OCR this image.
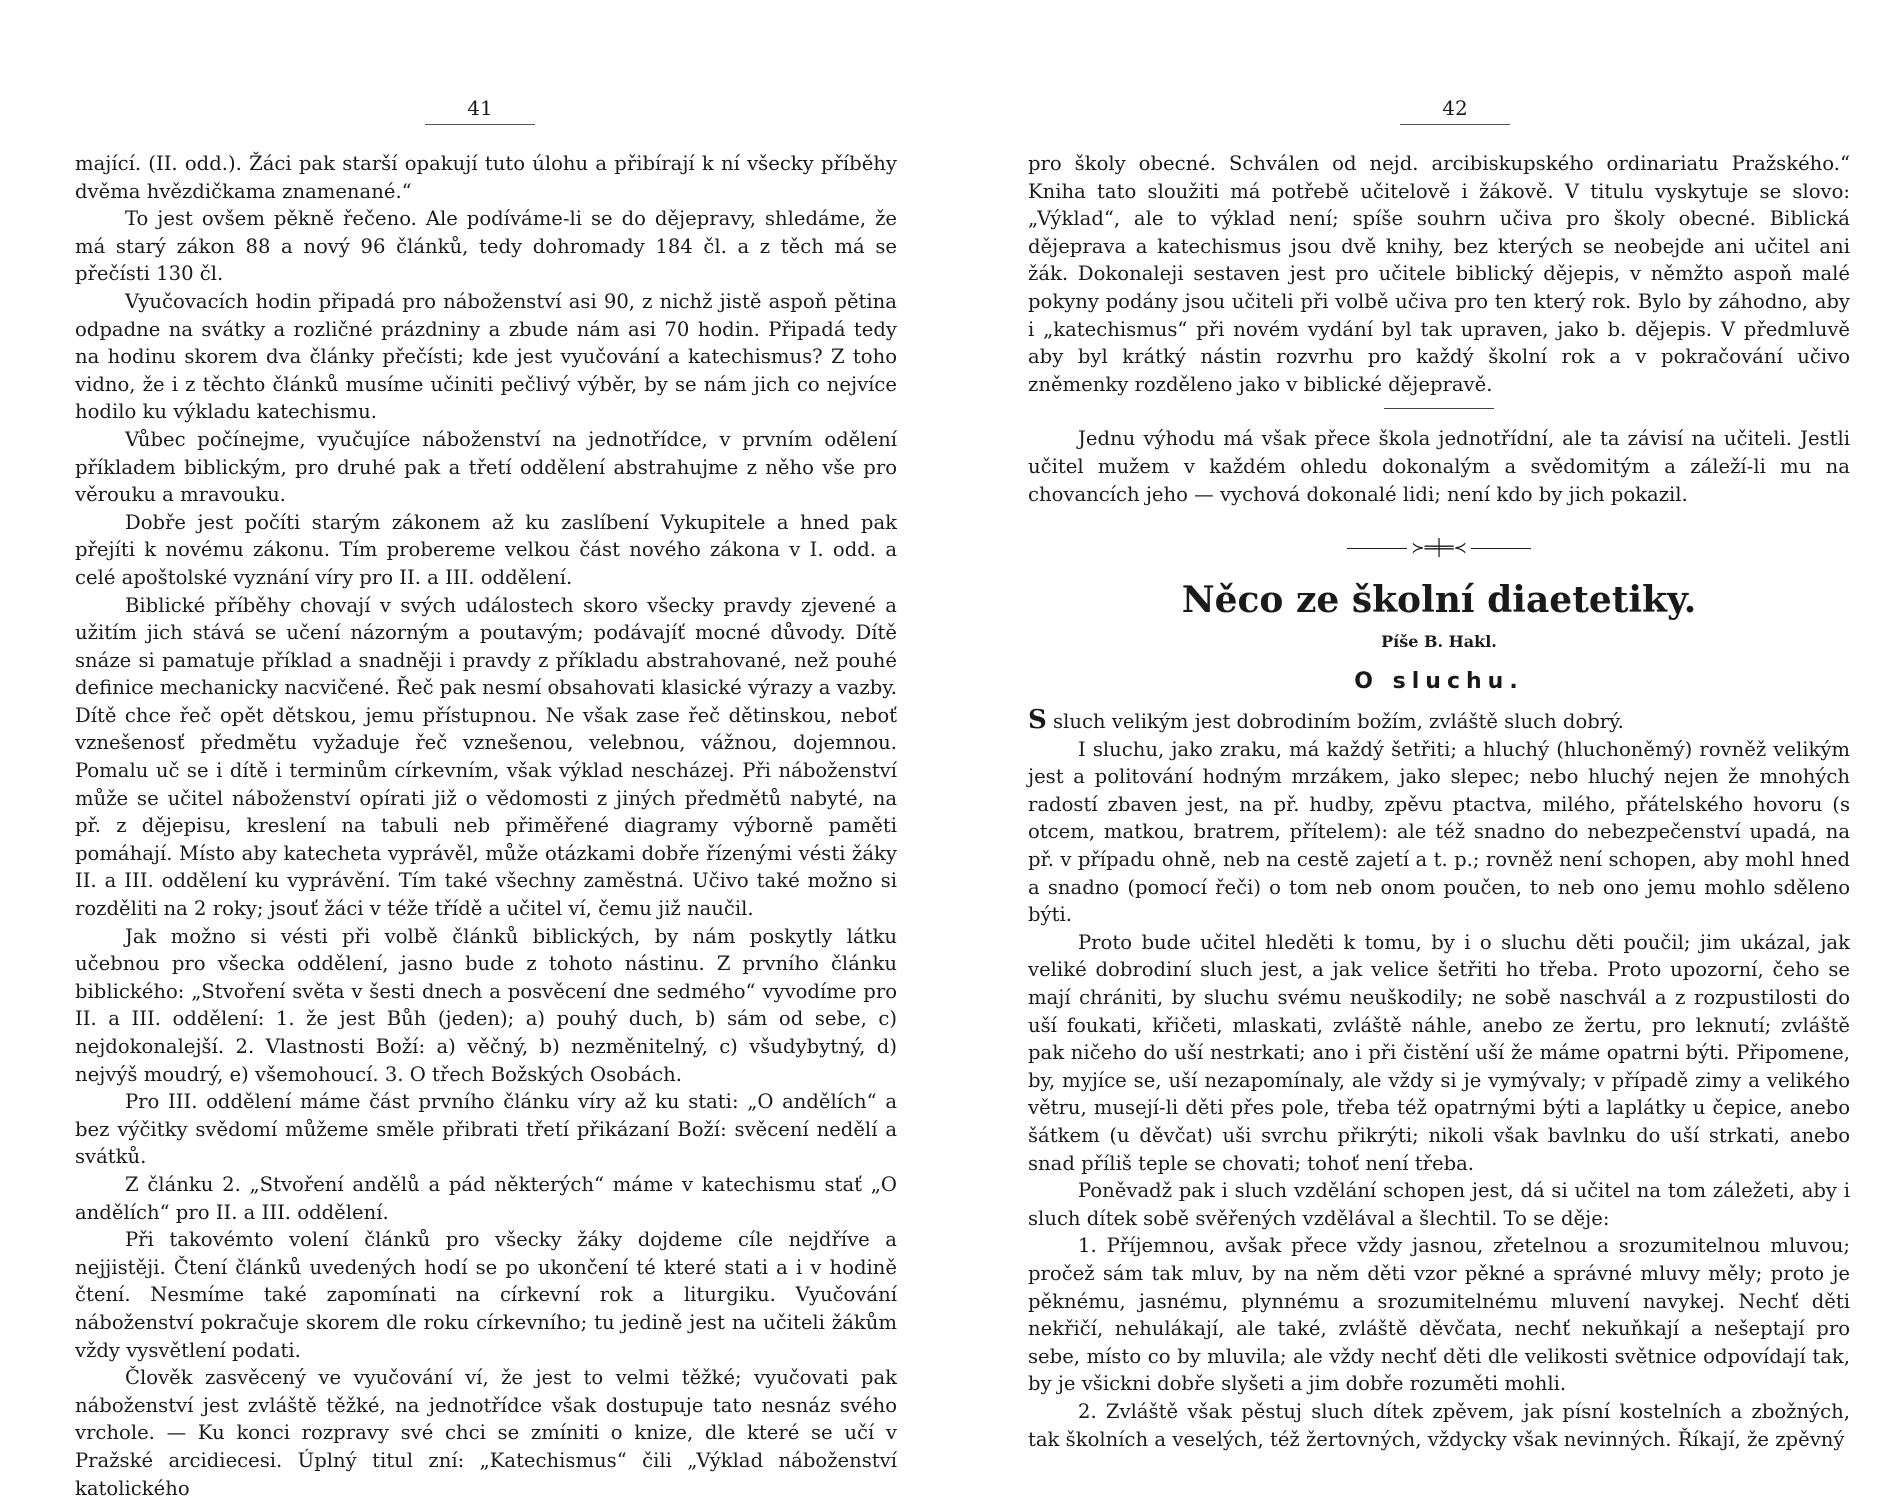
41

mající. (II. odd.). Žáci pak starší opakují tuto úlohu a přibírají k ní všecky příběhy dvěma hvězdičkama znamenané.“

To jest ovšem pěkně řečeno. Ale podíváme-li se do dějepravy, shledáme, že má starý zákon 88 a nový 96 článků, tedy dohromady 184 čl. a z těch má se přečísti 130 čl.

Vyučovacích hodin připadá pro náboženství asi 90, z nichž jistě aspoň pětina odpadne na svátky a rozličné prázdniny a zbude nám asi 70 hodin. Připadá tedy na hodinu skorem dva články přečísti; kde jest vyučování a katechismus? Z toho vidno, že i z těchto článků musíme učiniti pečlivý výběr, by se nám jich co nejvíce hodilo ku výkladu katechismu.

Vůbec počínejme, vyučujíce náboženství na jednotřídce, v prvním odělení příkladem biblickým, pro druhé pak a třetí oddělení abstrahujme z něho vše pro věrouku a mravouku.

Dobře jest počíti starým zákonem až ku zaslíbení Vykupitele a hned pak přejíti k novému zákonu. Tím probereme velkou část nového zákona v I. odd. a celé apoštolské vyznání víry pro II. a III. oddělení.

Biblické příběhy chovají v svých událostech skoro všecky pravdy zjevené a užitím jich stává se učení názorným a poutavým; podávajíť mocné důvody. Dítě snáze si pamatuje příklad a snadněji i pravdy z příkladu abstrahované, než pouhé definice mechanicky nacvičené. Řeč pak nesmí obsahovati klasické výrazy a vazby. Dítě chce řeč opět dětskou, jemu přístupnou. Ne však zase řeč dětinskou, neboť vznešenosť předmětu vyžaduje řeč vznešenou, velebnou, vážnou, dojemnou. Pomalu uč se i dítě i terminům církevním, však výklad nescházej. Při náboženství může se učitel náboženství opírati již o vědomosti z jiných předmětů nabyté, na př. z dějepisu, kreslení na tabuli neb přiměřené diagramy výborně paměti pomáhají. Místo aby katecheta vyprávěl, může otázkami dobře řízenými vésti žáky II. a III. oddělení ku vyprávění. Tím také všechny zaměstná. Učivo také možno si rozděliti na 2 roky; jsouť žáci v téže třídě a učitel ví, čemu již naučil.

Jak možno si vésti při volbě článků biblických, by nám poskytly látku učebnou pro všecka oddělení, jasno bude z tohoto nástinu. Z prvního článku biblického: „Stvoření světa v šesti dnech a posvěcení dne sedmého“ vyvodíme pro II. a III. oddělení: 1. že jest Bůh (jeden); a) pouhý duch, b) sám od sebe, c) nejdokonalejší. 2. Vlastnosti Boží: a) věčný, b) nezměnitelný, c) všudybytný, d) nejvýš moudrý, e) všemohoucí. 3. O třech Božských Osobách.

Pro III. oddělení máme část prvního článku víry až ku stati: „O andělích“ a bez výčitky svědomí můžeme směle přibrati třetí přikázaní Boží: svěcení nedělí a svátků.

Z článku 2. „Stvoření andělů a pád některých“ máme v katechismu stať „O andělích“ pro II. a III. oddělení.

Při takovémto volení článků pro všecky žáky dojdeme cíle nejdříve a nejjistěji. Čtení článků uvedených hodí se po ukončení té které stati a i v hodině čtení. Nesmíme také zapomínati na církevní rok a liturgiku. Vyučování náboženství pokračuje skorem dle roku církevního; tu jedině jest na učiteli žákům vždy vysvětlení podati.

Člověk zasvěcený ve vyučování ví, že jest to velmi těžké; vyučovati pak náboženství jest zvláště těžké, na jednotřídce však dostupuje tato nesnáz svého vrchole. — Ku konci rozpravy své chci se zmíniti o knize, dle které se učí v Pražské arcidiecesi. Úplný titul zní: „Katechismus“ čili „Výklad náboženství katolického

42

pro školy obecné. Schválen od nejd. arcibiskupského ordinariatu Pražského.“ Kniha tato sloužiti má potřebě učitelově i žákově. V titulu vyskytuje se slovo: „Výklad“, ale to výklad není; spíše souhrn učiva pro školy obecné. Biblická dějeprava a katechismus jsou dvě knihy, bez kterých se neobejde ani učitel ani žák. Dokonaleji sestaven jest pro učitele biblický dějepis, v němžto aspoň malé pokyny podány jsou učiteli při volbě učiva pro ten který rok. Bylo by záhodno, aby i „katechismus“ při novém vydání byl tak upraven, jako b. dějepis. V předmluvě aby byl krátký nástin rozvrhu pro každý školní rok a v pokračování učivo zněmenky rozděleno jako v biblické dějepravě.

Jednu výhodu má však přece škola jednotřídní, ale ta závisí na učiteli. Jestli učitel mužem v každém ohledu dokonalým a svědomitým a záleží-li mu na chovancích jeho — vychová dokonalé lidi; není kdo by jich pokazil.

≻═╪═≺
Něco ze školní diaetetiky.
Píše B. Hakl.
O sluchu.

S sluch velikým jest dobrodiním božím, zvláště sluch dobrý.

I sluchu, jako zraku, má každý šetřiti; a hluchý (hluchoněmý) rovněž velikým jest a politování hodným mrzákem, jako slepec; nebo hluchý nejen že mnohých radostí zbaven jest, na př. hudby, zpěvu ptactva, milého, přátelského hovoru (s otcem, matkou, bratrem, přítelem): ale též snadno do nebezpečenství upadá, na př. v případu ohně, neb na cestě zajetí a t. p.; rovněž není schopen, aby mohl hned a snadno (pomocí řeči) o tom neb onom poučen, to neb ono jemu mohlo sděleno býti.

Proto bude učitel hleděti k tomu, by i o sluchu děti poučil; jim ukázal, jak veliké dobrodiní sluch jest, a jak velice šetřiti ho třeba. Proto upozorní, čeho se mají chrániti, by sluchu svému neuškodily; ne sobě naschvál a z rozpustilosti do uší foukati, křičeti, mlaskati, zvláště náhle, anebo ze žertu, pro leknutí; zvláště pak ničeho do uší nestrkati; ano i při čistění uší že máme opatrni býti. Připomene, by, myjíce se, uší nezapomínaly, ale vždy si je vymývaly; v případě zimy a velikého větru, musejí-li děti přes pole, třeba též opatrnými býti a laplátky u čepice, anebo šátkem (u děvčat) uši svrchu přikrýti; nikoli však bavlnku do uší strkati, anebo snad příliš teple se chovati; tohoť není třeba.

Poněvadž pak i sluch vzdělání schopen jest, dá si učitel na tom záležeti, aby i sluch dítek sobě svěřených vzdělával a šlechtil. To se děje:

1. Příjemnou, avšak přece vždy jasnou, zřetelnou a srozumitelnou mluvou; pročež sám tak mluv, by na něm děti vzor pěkné a správné mluvy měly; proto je pěknému, jasnému, plynnému a srozumitelnému mluvení navykej. Nechť děti nekřičí, nehulákají, ale také, zvláště děvčata, nechť nekuňkají a nešeptají pro sebe, místo co by mluvila; ale vždy nechť děti dle velikosti světnice odpovídají tak, by je všickni dobře slyšeti a jim dobře rozuměti mohli.

2. Zvláště však pěstuj sluch dítek zpěvem, jak písní kostelních a zbožných, tak školních a veselých, též žertovných, vždycky však nevinných. Říkají, že zpěvný
